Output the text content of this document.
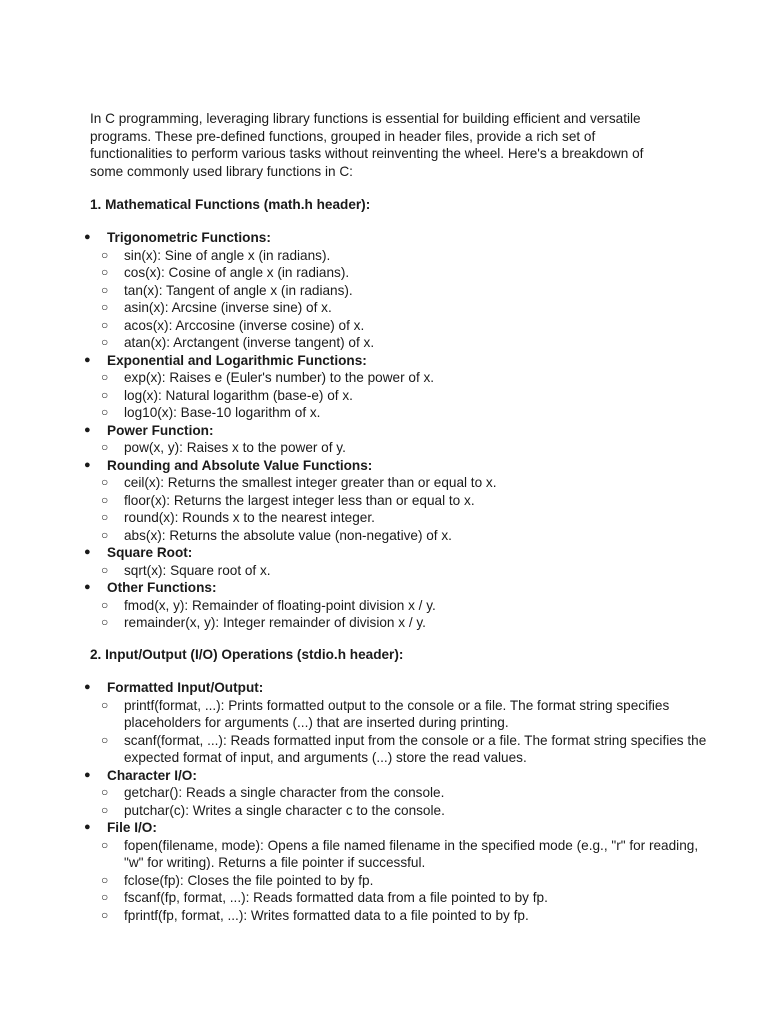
In C programming, leveraging library functions is essential for building efficient and versatile programs. These pre-defined functions, grouped in header files, provide a rich set of functionalities to perform various tasks without reinventing the wheel. Here's a breakdown of some commonly used library functions in C:

1. Mathematical Functions (math.h header):

● Trigonometric Functions:
○ sin(x): Sine of angle x (in radians).
○ cos(x): Cosine of angle x (in radians).
○ tan(x): Tangent of angle x (in radians).
○ asin(x): Arcsine (inverse sine) of x.
○ acos(x): Arccosine (inverse cosine) of x.
○ atan(x): Arctangent (inverse tangent) of x.
● Exponential and Logarithmic Functions:
○ exp(x): Raises e (Euler's number) to the power of x.
○ log(x): Natural logarithm (base-e) of x.
○ log10(x): Base-10 logarithm of x.
● Power Function:
○ pow(x, y): Raises x to the power of y.
● Rounding and Absolute Value Functions:
○ ceil(x): Returns the smallest integer greater than or equal to x.
○ floor(x): Returns the largest integer less than or equal to x.
○ round(x): Rounds x to the nearest integer.
○ abs(x): Returns the absolute value (non-negative) of x.
● Square Root:
○ sqrt(x): Square root of x.
● Other Functions:
○ fmod(x, y): Remainder of floating-point division x / y.
○ remainder(x, y): Integer remainder of division x / y.

2. Input/Output (I/O) Operations (stdio.h header):

● Formatted Input/Output:
○ printf(format, ...): Prints formatted output to the console or a file. The format string specifies placeholders for arguments (...) that are inserted during printing.
○ scanf(format, ...): Reads formatted input from the console or a file. The format string specifies the expected format of input, and arguments (...) store the read values.
● Character I/O:
○ getchar(): Reads a single character from the console.
○ putchar(c): Writes a single character c to the console.
● File I/O:
○ fopen(filename, mode): Opens a file named filename in the specified mode (e.g., "r" for reading, "w" for writing). Returns a file pointer if successful.
○ fclose(fp): Closes the file pointed to by fp.
○ fscanf(fp, format, ...): Reads formatted data from a file pointed to by fp.
○ fprintf(fp, format, ...): Writes formatted data to a file pointed to by fp.
